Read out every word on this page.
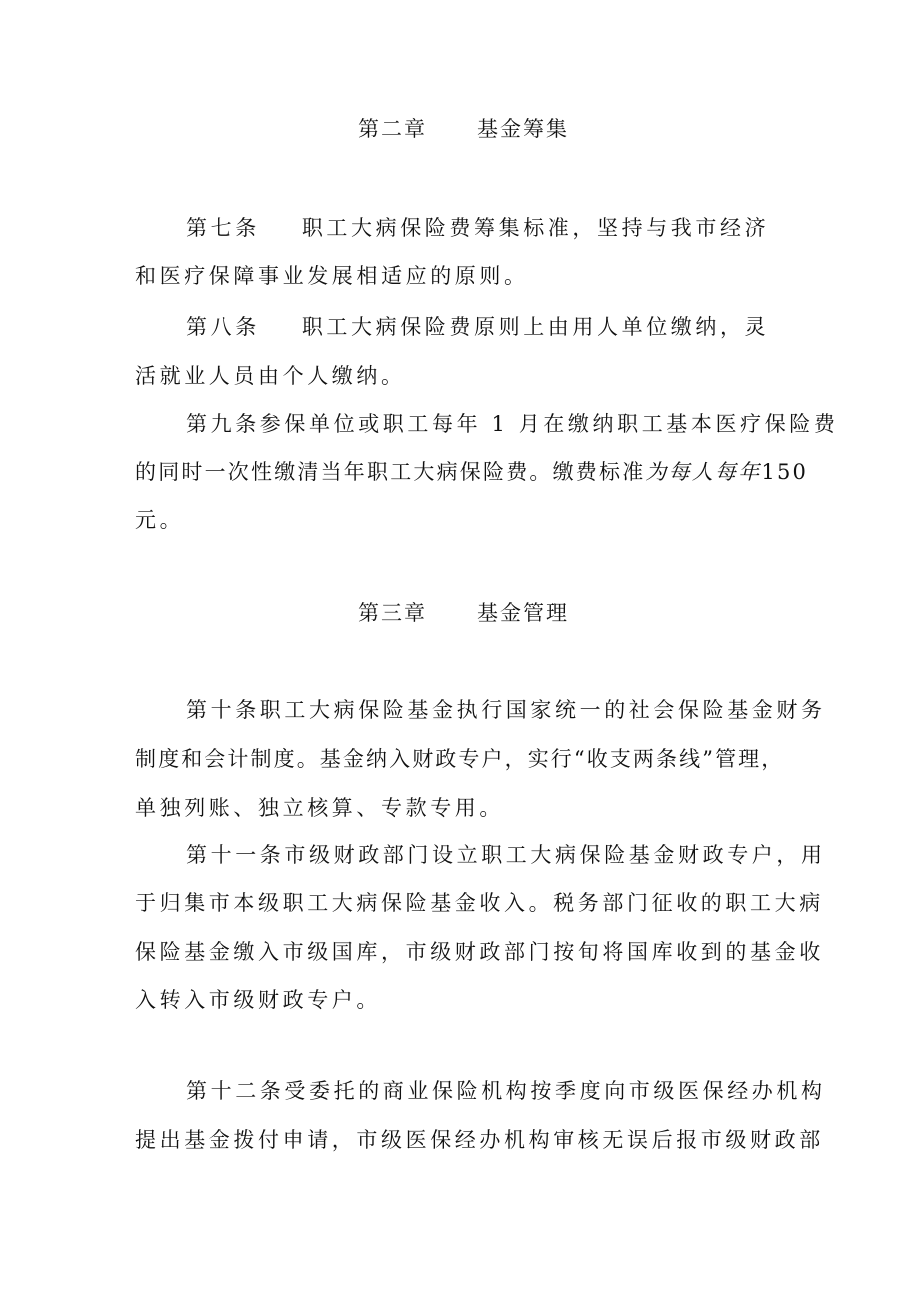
第二章 基金筹集
第七条 职工大病保险费筹集标准，坚持与我市经济
和医疗保障事业发展相适应的原则。
第八条 职工大病保险费原则上由用人单位缴纳，灵
活就业人员由个人缴纳。
第九条参保单位或职工每年 1 月在缴纳职工基本医疗保险费
的同时一次性缴清当年职工大病保险费。缴费标准为每人每年150
元。
第三章 基金管理
第十条职工大病保险基金执行国家统一的社会保险基金财务
制度和会计制度。基金纳入财政专户，实行“收支两条线”管理，
单独列账、独立核算、专款专用。
第十一条市级财政部门设立职工大病保险基金财政专户，用
于归集市本级职工大病保险基金收入。税务部门征收的职工大病
保险基金缴入市级国库，市级财政部门按旬将国库收到的基金收
入转入市级财政专户。
第十二条受委托的商业保险机构按季度向市级医保经办机构
提出基金拨付申请，市级医保经办机构审核无误后报市级财政部
